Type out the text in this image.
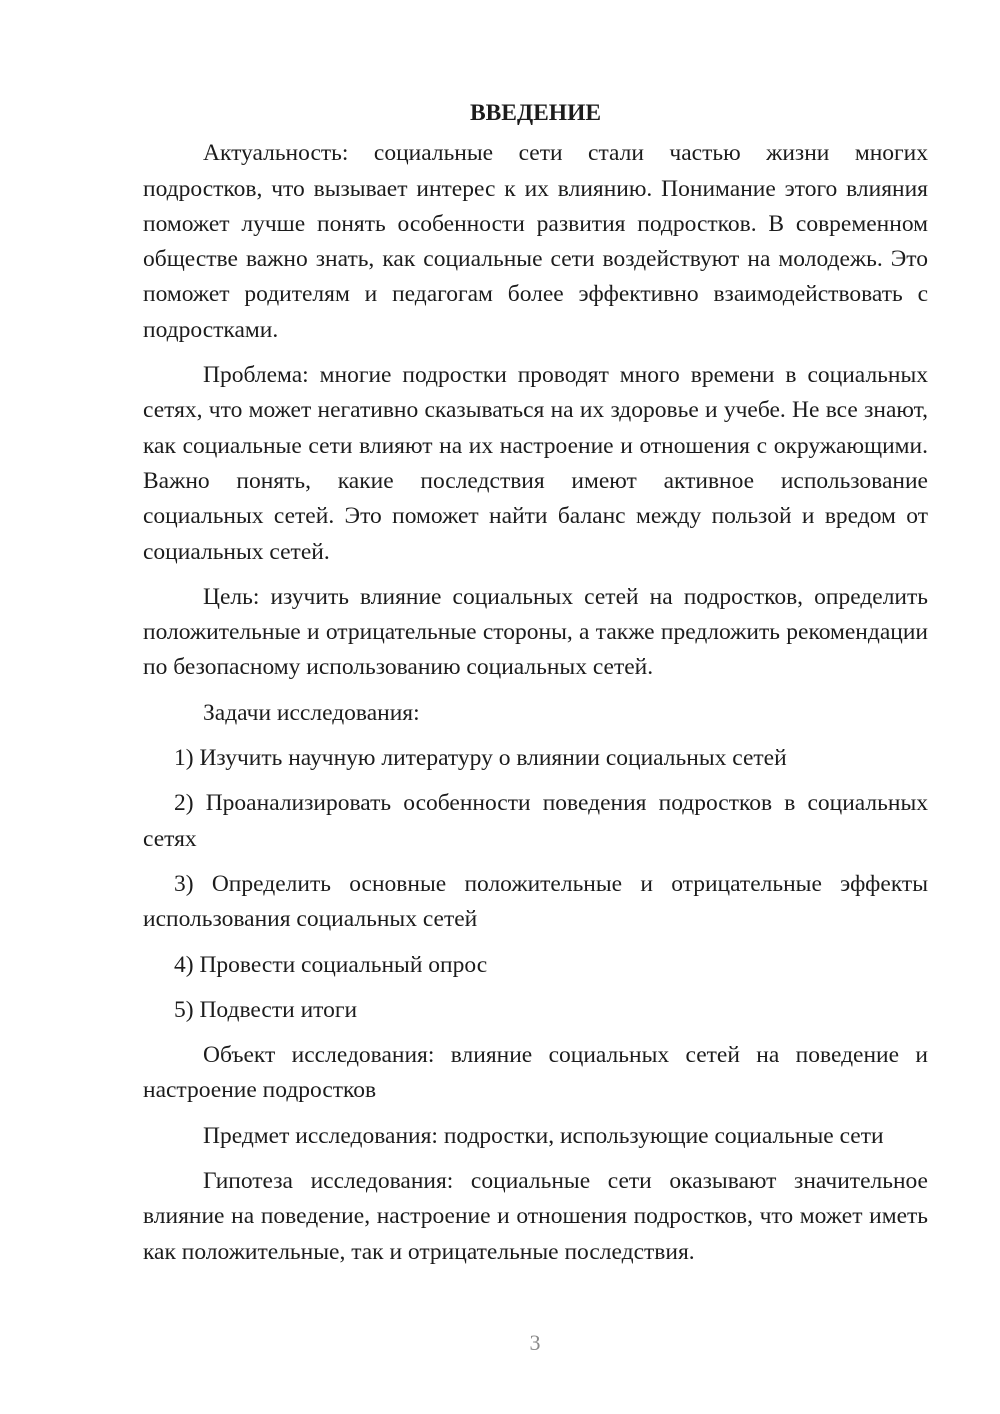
ВВЕДЕНИЕ

Актуальность: социальные сети стали частью жизни многих подростков, что вызывает интерес к их влиянию. Понимание этого влияния поможет лучше понять особенности развития подростков. В современном обществе важно знать, как социальные сети воздействуют на молодежь. Это поможет родителям и педагогам более эффективно взаимодействовать с подростками.

Проблема: многие подростки проводят много времени в социальных сетях, что может негативно сказываться на их здоровье и учебе. Не все знают, как социальные сети влияют на их настроение и отношения с окружающими. Важно понять, какие последствия имеют активное использование социальных сетей. Это поможет найти баланс между пользой и вредом от социальных сетей.

Цель: изучить влияние социальных сетей на подростков, определить положительные и отрицательные стороны, а также предложить рекомендации по безопасному использованию социальных сетей.

Задачи исследования:

1) Изучить научную литературу о влиянии социальных сетей

2) Проанализировать особенности поведения подростков в социальных сетях

3) Определить основные положительные и отрицательные эффекты использования социальных сетей

4) Провести социальный опрос

5) Подвести итоги

Объект исследования: влияние социальных сетей на поведение и настроение подростков

Предмет исследования: подростки, использующие социальные сети

Гипотеза исследования: социальные сети оказывают значительное влияние на поведение, настроение и отношения подростков, что может иметь как положительные, так и отрицательные последствия.

3
